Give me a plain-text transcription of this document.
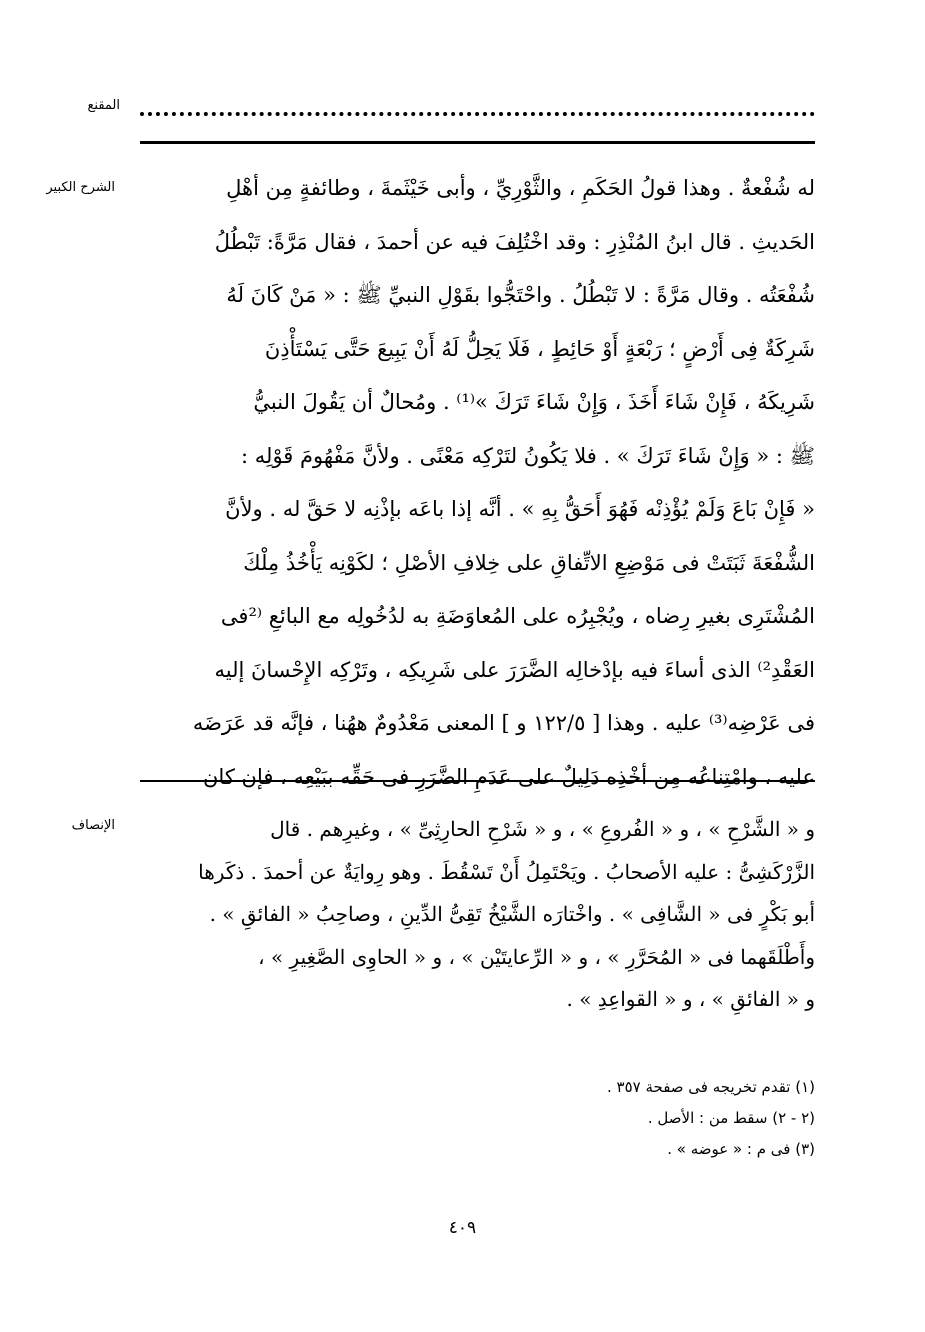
المقنع
الشرح الكبير	له شُفْعةٌ . وهذا قولُ الحَكَمِ ، والثَّوْرِيِّ ، وأبى خَيْثَمةَ ، وطائفةٍ مِن أهْلِ

الحَديثِ . قال ابنُ المُنْذِرِ : وقد اخْتُلِفَ فيه عن أحمدَ ، فقال مَرَّةً: تَبْطُلُ

شُفْعَتُه . وقال مَرَّةً : لا تَبْطُلُ . واحْتَجُّوا بقَوْلِ النبيِّ ﷺ : « مَنْ كَانَ لَهُ

شَرِكَةٌ فِى أَرْضٍ ؛ رَبْعَةٍ أَوْ حَائِطٍ ، فَلَا يَحِلُّ لَهُ أَنْ يَبِيعَ حَتَّى يَسْتَأْذِنَ

شَرِيكَهُ ، فَإِنْ شَاءَ أَخَذَ ، وَإِنْ شَاءَ تَرَكَ »⁽¹⁾ . ومُحالٌ أن يَقُولَ النبيُّ

ﷺ : « وَإِنْ شَاءَ تَرَكَ » . فلا يَكُونُ لتَرْكِه مَعْنًى . ولأنَّ مَفْهُومَ قَوْلِه :

« فَإِنْ بَاعَ وَلَمْ يُؤْذِنْه فَهُوَ أَحَقُّ بِهِ » . أنَّه إذا باعَه بإذْنِه لا حَقَّ له . ولأنَّ

الشُّفْعَةَ ثَبَتَتْ فى مَوْضِعِ الاتِّفاقِ على خِلافِ الأصْلِ ؛ لكَوْنِه يَأْخُذُ مِلْكَ

المُشْتَرِى بغيرِ رِضاه ، ويُجْبِرُه على المُعاوَضَةِ به لدُخُولِه مع البائعِ ⁽²فى

العَقْدِ²⁾ الذى أساءَ فيه بإدْخالِه الضَّرَرَ على شَرِيكِه ، وتَرْكِه الإِحْسانَ إليه

فى عَرْضِه⁽³⁾ عليه . وهذا [ ١٢٢/٥ و ] المعنى مَعْدُومٌ ههُنا ، فإنَّه قد عَرَضَه

عليه ، وامْتِناعُه مِن أخْذِه دَلِيلٌ على عَدَمِ الضَّرَرِ فى حَقِّه ببَيْعِه ، فإن كان

الإنصاف	و « الشَّرْحِ » ، و « الفُروعِ » ، و « شَرْحِ الحارِثِىِّ » ، وغيرِهم . قال

الزَّرْكَشِىُّ : عليه الأصحابُ . ويَحْتَمِلُ أَنْ تَسْقُطَ . وهو رِوايَةٌ عن أحمدَ . ذكَرها

أبو بَكْرٍ فى « الشَّافِى » . واخْتارَه الشَّيْخُ تَقِىُّ الدِّينِ ، وصاحِبُ « الفائقِ » .

وأَطْلَقَهما فى « المُحَرَّرِ » ، و « الرِّعايتَيْن » ، و « الحاوِى الصَّغِيرِ » ،

و « الفائقِ » ، و « القواعِدِ » .

(١) تقدم تخريجه فى صفحة ٣٥٧ .
(٢ - ٢) سقط من : الأصل .
(٣) فى م : « عوضه » .
٤٠٩
